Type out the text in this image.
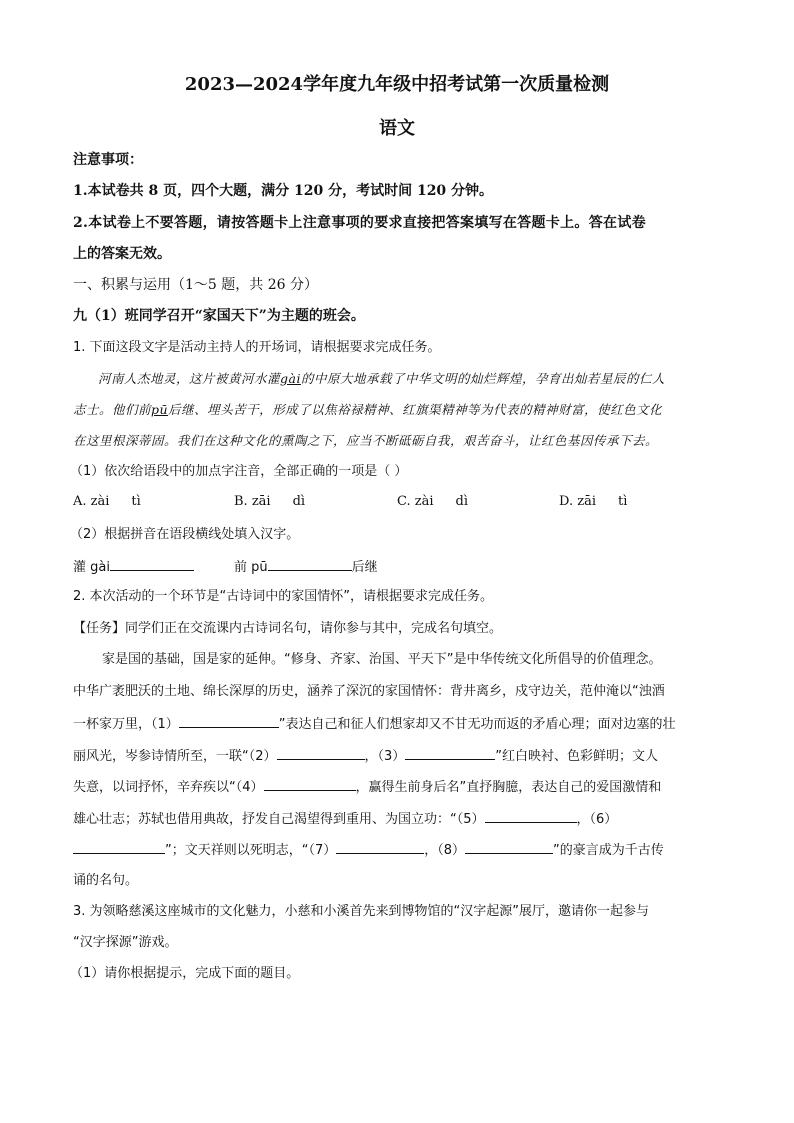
2023—2024学年度九年级中招考试第一次质量检测
语文
注意事项：
1.本试卷共 8 页，四个大题，满分 120 分，考试时间 120 分钟。
2.本试卷上不要答题，请按答题卡上注意事项的要求直接把答案填写在答题卡上。答在试卷
上的答案无效。
一、积累与运用（1～5 题，共 26 分）
九（1）班同学召开“家国天下”为主题的班会。
1. 下面这段文字是活动主持人的开场词，请根据要求完成任务。
河南人杰地灵，这片被黄河水灌gài的中原大地承载了中华文明的灿烂辉煌，孕育出灿若星辰的仁人
志士。他们前pū后继、埋头苦干，形成了以焦裕禄精神、红旗渠精神等为代表的精神财富，使红色文化
在这里根深蒂固。我们在这种文化的熏陶之下，应当不断砥砺自我，艰苦奋斗，让红色基因传承下去。
（1）依次给语段中的加点字注音，全部正确的一项是（ ）
A. zài tì	B. zāi dì	C. zài dì	D. zāi tì
（2）根据拼音在语段横线处填入汉字。
灌 gài	前 pū	后继
2. 本次活动的一个环节是“古诗词中的家国情怀”，请根据要求完成任务。
【任务】同学们正在交流课内古诗词名句，请你参与其中，完成名句填空。
家是国的基础，国是家的延伸。“修身、齐家、治国、平天下”是中华传统文化所倡导的价值理念。
中华广袤肥沃的土地、绵长深厚的历史，涵养了深沉的家国情怀：背井离乡，戍守边关，范仲淹以“浊酒
一杯家万里，（1）	”表达自己和征人们想家却又不甘无功而返的矛盾心理；面对边塞的壮
丽风光，岑参诗情所至，一联“（2）	，（3）	”红白映衬、色彩鲜明；文人
失意，以词抒怀，辛弃疾以“（4）	，赢得生前身后名”直抒胸臆，表达自己的爱国激情和
雄心壮志；苏轼也借用典故，抒发自己渴望得到重用、为国立功：“（5）	，（6）
”；文天祥则以死明志，“（7）	，（8）	”的豪言成为千古传
诵的名句。
3. 为领略慈溪这座城市的文化魅力，小慈和小溪首先来到博物馆的“汉字起源”展厅，邀请你一起参与
“汉字探源”游戏。
（1）请你根据提示，完成下面的题目。
